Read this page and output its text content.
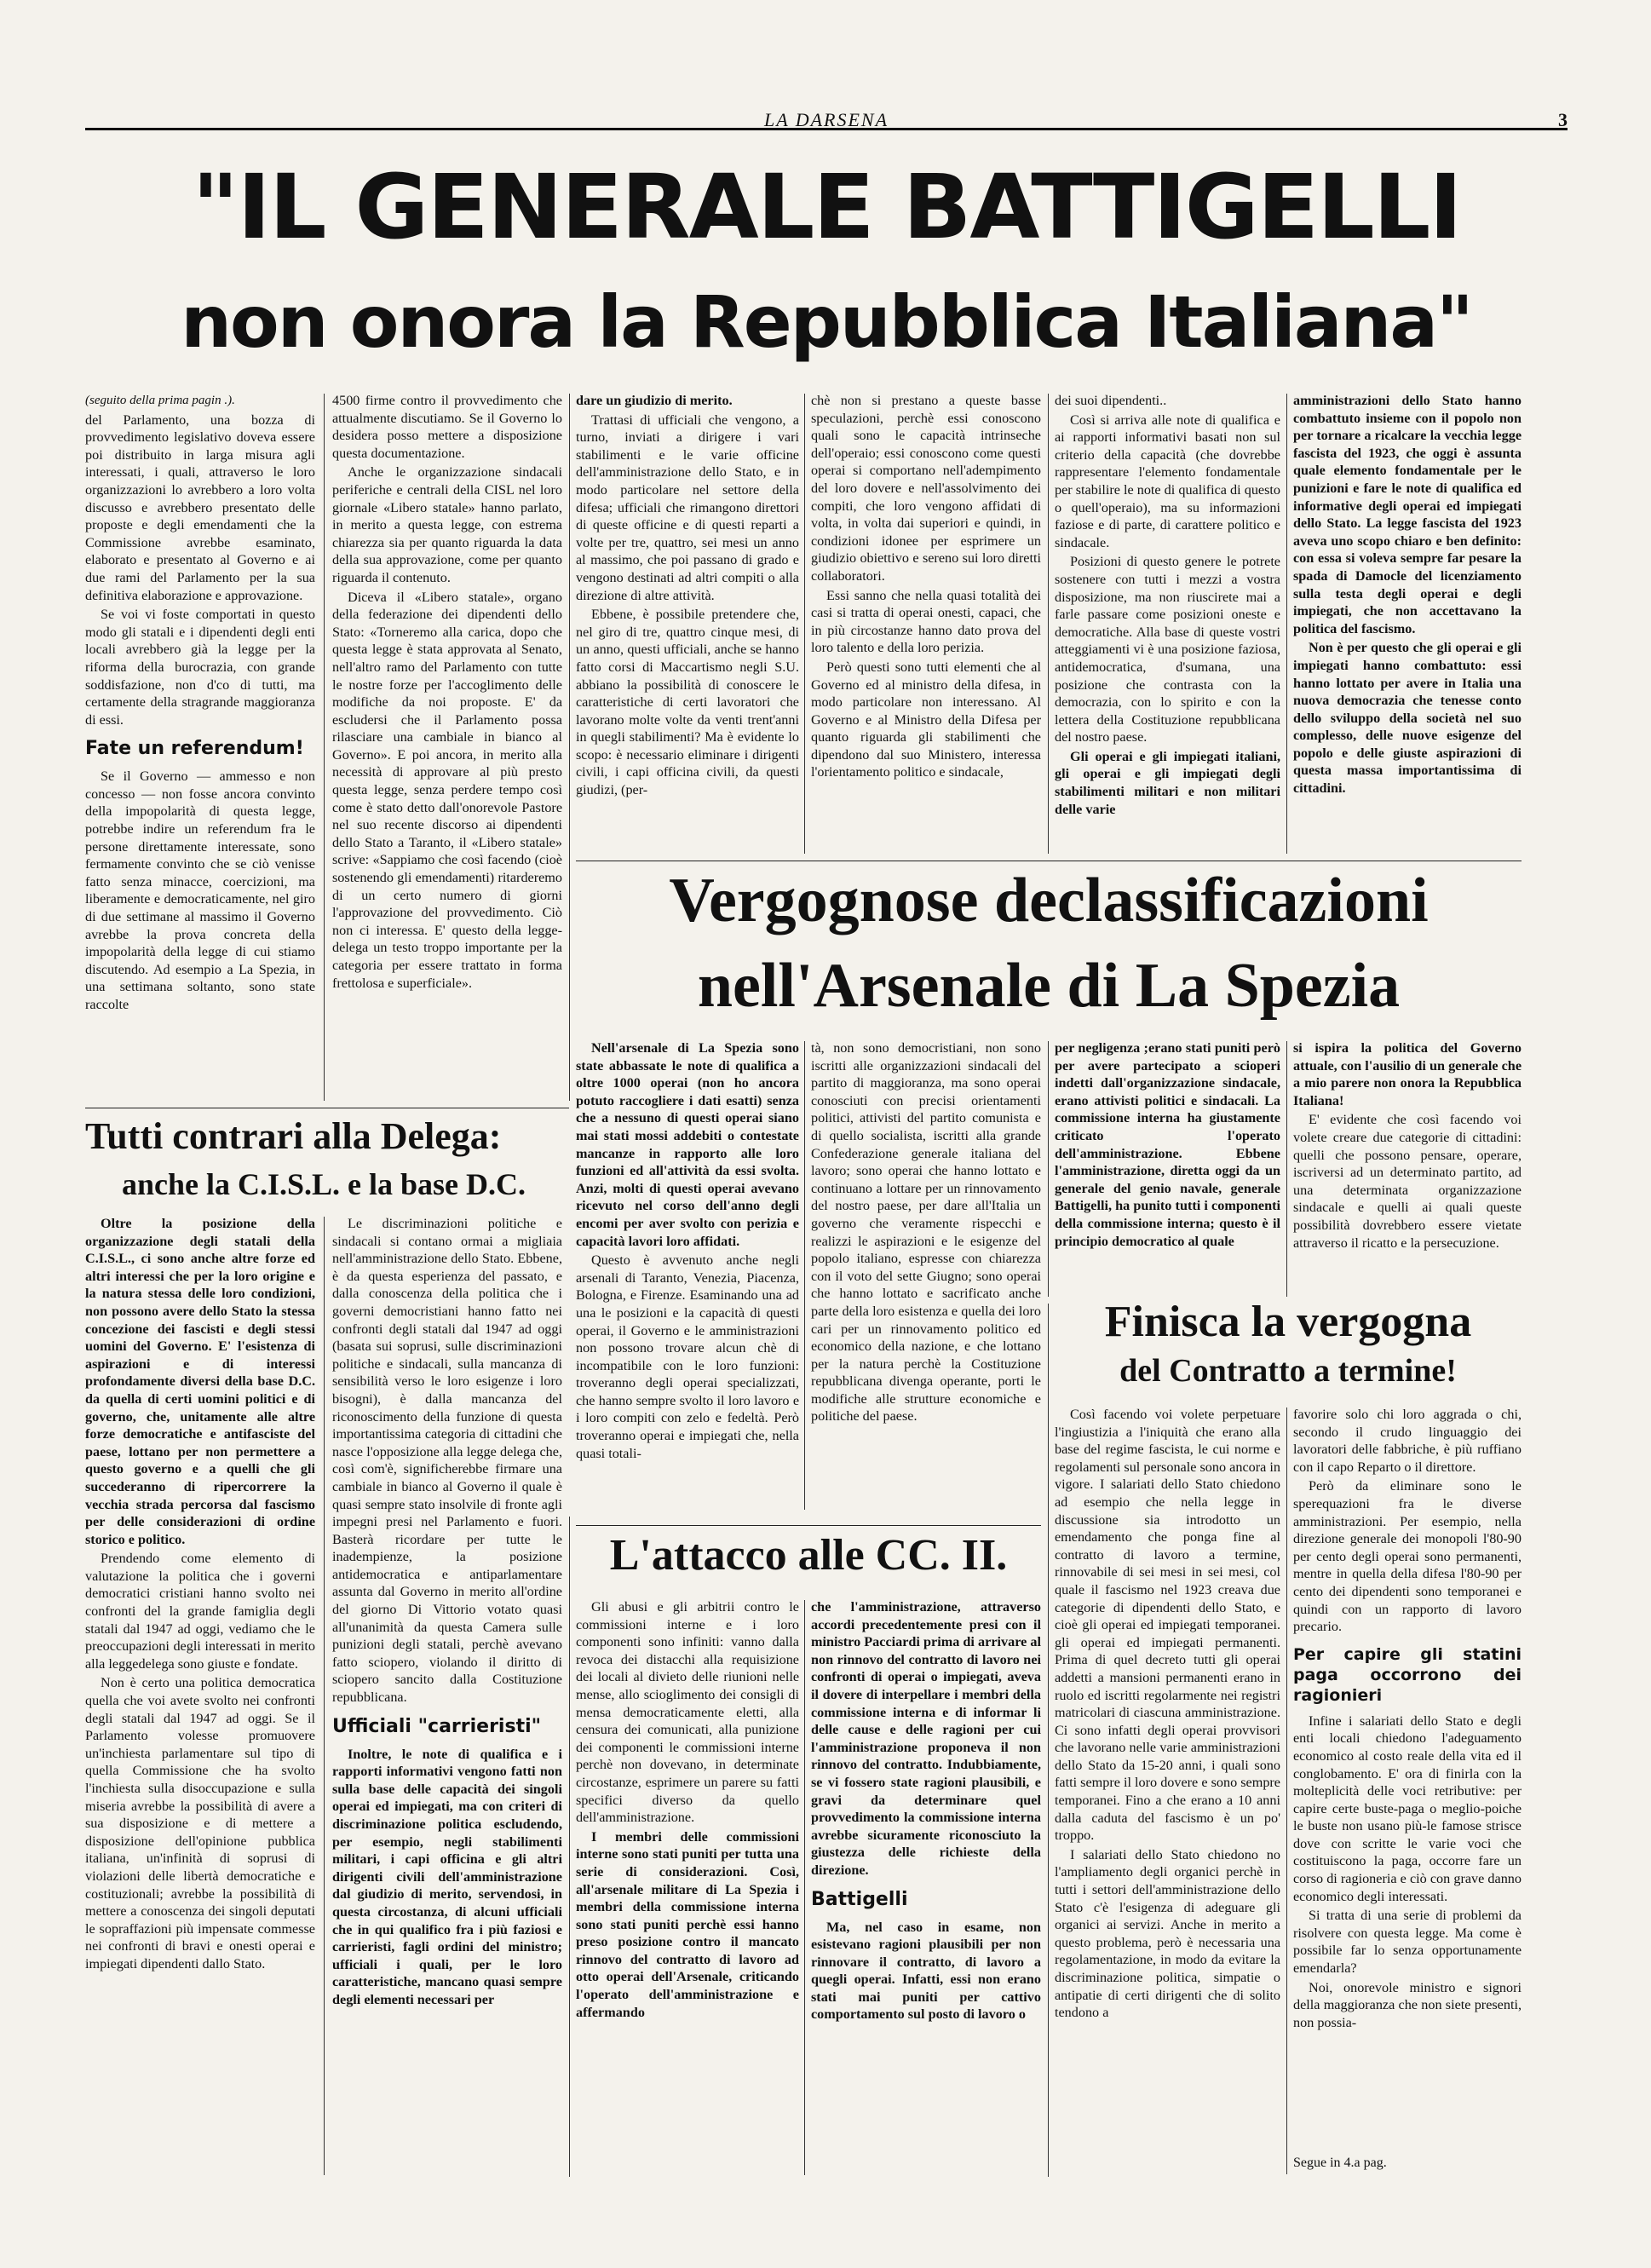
LA DARSENA	3
"IL GENERALE BATTIGELLI
non onora la Repubblica Italiana"

(seguito della prima pagin .).

del Parlamento, una bozza di provvedimento legislativo doveva essere poi distribuito in larga misura agli interessati, i quali, attraverso le loro organizzazioni lo avrebbero a loro volta discusso e avrebbero presentato delle proposte e degli emendamenti che la Commissione avrebbe esaminato, elaborato e presentato al Governo e ai due rami del Parlamento per la sua definitiva elaborazione e approvazione.

Se voi vi foste comportati in questo modo gli statali e i dipendenti degli enti locali avrebbero già la legge per la riforma della burocrazia, con grande soddisfazione, non d'co di tutti, ma certamente della stragrande maggioranza di essi.

Fate un referendum!

Se il Governo — ammesso e non concesso — non fosse ancora convinto della impopolarità di questa legge, potrebbe indire un referendum fra le persone direttamente interessate, sono fermamente convinto che se ciò venisse fatto senza minacce, coercizioni, ma liberamente e democraticamente, nel giro di due settimane al massimo il Governo avrebbe la prova concreta della impopolarità della legge di cui stiamo discutendo. Ad esempio a La Spezia, in una settimana soltanto, sono state raccolte

4500 firme contro il provvedimento che attualmente discutiamo. Se il Governo lo desidera posso mettere a disposizione questa documentazione.

Anche le organizzazione sindacali periferiche e centrali della CISL nel loro giornale «Libero statale» hanno parlato, in merito a questa legge, con estrema chiarezza sia per quanto riguarda la data della sua approvazione, come per quanto riguarda il contenuto.

Diceva il «Libero statale», organo della federazione dei dipendenti dello Stato: «Torneremo alla carica, dopo che questa legge è stata approvata al Senato, nell'altro ramo del Parlamento con tutte le nostre forze per l'accoglimento delle modifiche da noi proposte. E' da escludersi che il Parlamento possa rilasciare una cambiale in bianco al Governo». E poi ancora, in merito alla necessità di approvare al più presto questa legge, senza perdere tempo così come è stato detto dall'onorevole Pastore nel suo recente discorso ai dipendenti dello Stato a Taranto, il «Libero statale» scrive: «Sappiamo che così facendo (cioè sostenendo gli emendamenti) ritarderemo di un certo numero di giorni l'approvazione del provvedimento. Ciò non ci interessa. E' questo della legge-delega un testo troppo importante per la categoria per essere trattato in forma frettolosa e superficiale».

dare un giudizio di merito.

Trattasi di ufficiali che vengono, a turno, inviati a dirigere i vari stabilimenti e le varie officine dell'amministrazione dello Stato, e in modo particolare nel settore della difesa; ufficiali che rimangono direttori di queste officine e di questi reparti a volte per tre, quattro, sei mesi un anno al massimo, che poi passano di grado e vengono destinati ad altri compiti o alla direzione di altre attività.

Ebbene, è possibile pretendere che, nel giro di tre, quattro cinque mesi, di un anno, questi ufficiali, anche se hanno fatto corsi di Maccartismo negli S.U. abbiano la possibilità di conoscere le caratteristiche di certi lavoratori che lavorano molte volte da venti trent'anni in quegli stabilimenti? Ma è evidente lo scopo: è necessario eliminare i dirigenti civili, i capi officina civili, da questi giudizi, (per-

chè non si prestano a queste basse speculazioni, perchè essi conoscono quali sono le capacità intrinseche dell'operaio; essi conoscono come questi operai si comportano nell'adempimento del loro dovere e nell'assolvimento dei compiti, che loro vengono affidati di volta, in volta dai superiori e quindi, in condizioni idonee per esprimere un giudizio obiettivo e sereno sui loro diretti collaboratori.

Essi sanno che nella quasi totalità dei casi si tratta di operai onesti, capaci, che in più circostanze hanno dato prova del loro talento e della loro perizia.

Però questi sono tutti elementi che al Governo ed al ministro della difesa, in modo particolare non interessano. Al Governo e al Ministro della Difesa per quanto riguarda gli stabilimenti che dipendono dal suo Ministero, interessa l'orientamento politico e sindacale,

dei suoi dipendenti..

Così si arriva alle note di qualifica e ai rapporti informativi basati non sul criterio della capacità (che dovrebbe rappresentare l'elemento fondamentale per stabilire le note di qualifica di questo o quell'operaio), ma su informazioni faziose e di parte, di carattere politico e sindacale.

Posizioni di questo genere le potrete sostenere con tutti i mezzi a vostra disposizione, ma non riuscirete mai a farle passare come posizioni oneste e democratiche. Alla base di queste vostri atteggiamenti vi è una posizione faziosa, antidemocratica, d'sumana, una posizione che contrasta con la democrazia, con lo spirito e con la lettera della Costituzione repubblicana del nostro paese.

Gli operai e gli impiegati italiani, gli operai e gli impiegati degli stabilimenti militari e non militari delle varie

amministrazioni dello Stato hanno combattuto insieme con il popolo non per tornare a ricalcare la vecchia legge fascista del 1923, che oggi è assunta quale elemento fondamentale per le punizioni e fare le note di qualifica ed informative degli operai ed impiegati dello Stato. La legge fascista del 1923 aveva uno scopo chiaro e ben definito: con essa si voleva sempre far pesare la spada di Damocle del licenziamento sulla testa degli operai e degli impiegati, che non accettavano la politica del fascismo.

Non è per questo che gli operai e gli impiegati hanno combattuto: essi hanno lottato per avere in Italia una nuova democrazia che tenesse conto dello sviluppo della società nel suo complesso, delle nuove esigenze del popolo e delle giuste aspirazioni di questa massa importantissima di cittadini.

Vergognose declassificazioni
nell'Arsenale di La Spezia

Nell'arsenale di La Spezia sono state abbassate le note di qualifica a oltre 1000 operai (non ho ancora potuto raccogliere i dati esatti) senza che a nessuno di questi operai siano mai stati mossi addebiti o contestate mancanze in rapporto alle loro funzioni ed all'attività da essi svolta. Anzi, molti di questi operai avevano ricevuto nel corso dell'anno degli encomi per aver svolto con perizia e capacità lavori loro affidati.

Questo è avvenuto anche negli arsenali di Taranto, Venezia, Piacenza, Bologna, e Firenze. Esaminando una ad una le posizioni e la capacità di questi operai, il Governo e le amministrazioni non possono trovare alcun chè di incompatibile con le loro funzioni: troveranno degli operai specializzati, che hanno sempre svolto il loro lavoro e i loro compiti con zelo e fedeltà. Però troveranno operai e impiegati che, nella quasi totali-

tà, non sono democristiani, non sono iscritti alle organizzazioni sindacali del partito di maggioranza, ma sono operai conosciuti con precisi orientamenti politici, attivisti del partito comunista e di quello socialista, iscritti alla grande Confederazione generale italiana del lavoro; sono operai che hanno lottato e continuano a lottare per un rinnovamento del nostro paese, per dare all'Italia un governo che veramente rispecchi e realizzi le aspirazioni e le esigenze del popolo italiano, espresse con chiarezza con il voto del sette Giugno; sono operai che hanno lottato e sacrificato anche parte della loro esistenza e quella dei loro cari per un rinnovamento politico ed economico della nazione, e che lottano per la natura perchè la Costituzione repubblicana divenga operante, porti le modifiche alle strutture economiche e politiche del paese.

per negligenza ;erano stati puniti però per avere partecipato a scioperi indetti dall'organizzazione sindacale, erano attivisti politici e sindacali. La commissione interna ha giustamente criticato l'operato dell'amministrazione. Ebbene l'amministrazione, diretta oggi da un generale del genio navale, generale Battigelli, ha punito tutti i componenti della commissione interna; questo è il principio democratico al quale

si ispira la politica del Governo attuale, con l'ausilio di un generale che a mio parere non onora la Repubblica Italiana!

E' evidente che così facendo voi volete creare due categorie di cittadini: quelli che possono pensare, operare, iscriversi ad un determinato partito, ad una determinata organizzazione sindacale e quelli ai quali queste possibilità dovrebbero essere vietate attraverso il ricatto e la persecuzione.

Tutti contrari alla Delega:
anche la C.I.S.L. e la base D.C.

Oltre la posizione della organizzazione degli statali della C.I.S.L., ci sono anche altre forze ed altri interessi che per la loro origine e la natura stessa delle loro condizioni, non possono avere dello Stato la stessa concezione dei fascisti e degli stessi uomini del Governo. E' l'esistenza di aspirazioni e di interessi profondamente diversi della base D.C. da quella di certi uomini politici e di governo, che, unitamente alle altre forze democratiche e antifasciste del paese, lottano per non permettere a questo governo e a quelli che gli succederanno di ripercorrere la vecchia strada percorsa dal fascismo per delle considerazioni di ordine storico e politico.

Prendendo come elemento di valutazione la politica che i governi democratici cristiani hanno svolto nei confronti del la grande famiglia degli statali dal 1947 ad oggi, vediamo che le preoccupazioni degli interessati in merito alla leggedelega sono giuste e fondate.

Non è certo una politica democratica quella che voi avete svolto nei confronti degli statali dal 1947 ad oggi. Se il Parlamento volesse promuovere un'inchiesta parlamentare sul tipo di quella Commissione che ha svolto l'inchiesta sulla disoccupazione e sulla miseria avrebbe la possibilità di avere a sua disposizione e di mettere a disposizione dell'opinione pubblica italiana, un'infinità di soprusi di violazioni delle libertà democratiche e costituzionali; avrebbe la possibilità di mettere a conoscenza dei singoli deputati le sopraffazioni più impensate commesse nei confronti di bravi e onesti operai e impiegati dipendenti dallo Stato.

Le discriminazioni politiche e sindacali si contano ormai a migliaia nell'amministrazione dello Stato. Ebbene, è da questa esperienza del passato, e dalla conoscenza della politica che i governi democristiani hanno fatto nei confronti degli statali dal 1947 ad oggi (basata sui soprusi, sulle discriminazioni politiche e sindacali, sulla mancanza di sensibilità verso le loro esigenze i loro bisogni), è dalla mancanza del riconoscimento della funzione di questa importantissima categoria di cittadini che nasce l'opposizione alla legge delega che, così com'è, significherebbe firmare una cambiale in bianco al Governo il quale è quasi sempre stato insolvile di fronte agli impegni presi nel Parlamento e fuori. Basterà ricordare per tutte le inadempienze, la posizione antidemocratica e antiparlamentare assunta dal Governo in merito all'ordine del giorno Di Vittorio votato quasi all'unanimità da questa Camera sulle punizioni degli statali, perchè avevano fatto sciopero, violando il diritto di sciopero sancito dalla Costituzione repubblicana.

Ufficiali "carrieristi"

Inoltre, le note di qualifica e i rapporti informativi vengono fatti non sulla base delle capacità dei singoli operai ed impiegati, ma con criteri di discriminazione politica escludendo, per esempio, negli stabilimenti militari, i capi officina e gli altri dirigenti civili dell'amministrazione dal giudizio di merito, servendosi, in questa circostanza, di alcuni ufficiali che in qui qualifico fra i più faziosi e carrieristi, fagli ordini del ministro; ufficiali i quali, per le loro caratteristiche, mancano quasi sempre degli elementi necessari per

L'attacco alle CC. II.

Gli abusi e gli arbitrii contro le commissioni interne e i loro componenti sono infiniti: vanno dalla revoca dei distacchi alla requisizione dei locali al divieto delle riunioni nelle mense, allo scioglimento dei consigli di mensa democraticamente eletti, alla censura dei comunicati, alla punizione dei componenti le commissioni interne perchè non dovevano, in determinate circostanze, esprimere un parere su fatti specifici diverso da quello dell'amministrazione.

I membri delle commissioni interne sono stati puniti per tutta una serie di considerazioni. Così, all'arsenale militare di La Spezia i membri della commissione interna sono stati puniti perchè essi hanno preso posizione contro il mancato rinnovo del contratto di lavoro ad otto operai dell'Arsenale, criticando l'operato dell'amministrazione e affermando

che l'amministrazione, attraverso accordi precedentemente presi con il ministro Pacciardi prima di arrivare al non rinnovo del contratto di lavoro nei confronti di operai o impiegati, aveva il dovere di interpellare i membri della commissione interna e di informar li delle cause e delle ragioni per cui l'amministrazione proponeva il non rinnovo del contratto. Indubbiamente, se vi fossero state ragioni plausibili, e gravi da determinare quel provvedimento la commissione interna avrebbe sicuramente riconosciuto la giustezza delle richieste della direzione.

Battigelli

Ma, nel caso in esame, non esistevano ragioni plausibili per non rinnovare il contratto, di lavoro a quegli operai. Infatti, essi non erano stati mai puniti per cattivo comportamento sul posto di lavoro o

Finisca la vergogna
del Contratto a termine!

Così facendo voi volete perpetuare l'ingiustizia a l'iniquità che erano alla base del regime fascista, le cui norme e regolamenti sul personale sono ancora in vigore. I salariati dello Stato chiedono ad esempio che nella legge in discussione sia introdotto un emendamento che ponga fine al contratto di lavoro a termine, rinnovabile di sei mesi in sei mesi, col quale il fascismo nel 1923 creava due categorie di dipendenti dello Stato, e cioè gli operai ed impiegati temporanei. gli operai ed impiegati permanenti. Prima di quel decreto tutti gli operai addetti a mansioni permanenti erano in ruolo ed iscritti regolarmente nei registri matricolari di ciascuna amministrazione. Ci sono infatti degli operai provvisori che lavorano nelle varie amministrazioni dello Stato da 15-20 anni, i quali sono fatti sempre il loro dovere e sono sempre temporanei. Fino a che erano a 10 anni dalla caduta del fascismo è un po' troppo.

I salariati dello Stato chiedono no l'ampliamento degli organici perchè in tutti i settori dell'amministrazione dello Stato c'è l'esigenza di adeguare gli organici ai servizi. Anche in merito a questo problema, però è necessaria una regolamentazione, in modo da evitare la discriminazione politica, simpatie o antipatie di certi dirigenti che di solito tendono a

favorire solo chi loro aggrada o chi, secondo il crudo linguaggio dei lavoratori delle fabbriche, è più ruffiano con il capo Reparto o il direttore.

Però da eliminare sono le sperequazioni fra le diverse amministrazioni. Per esempio, nella direzione generale dei monopoli l'80-90 per cento degli operai sono permanenti, mentre in quella della difesa l'80-90 per cento dei dipendenti sono temporanei e quindi con un rapporto di lavoro precario.

Per capire gli statini paga occorrono dei ragionieri

Infine i salariati dello Stato e degli enti locali chiedono l'adeguamento economico al costo reale della vita ed il conglobamento. E' ora di finirla con la molteplicità delle voci retributive: per capire certe buste-paga o meglio-poiche le buste non usano più-le famose strisce dove con scritte le varie voci che costituiscono la paga, occorre fare un corso di ragioneria e ciò con grave danno economico degli interessati.

Si tratta di una serie di problemi da risolvere con questa legge. Ma come è possibile far lo senza opportunamente emendarla?

Noi, onorevole ministro e signori della maggioranza che non siete presenti, non possia-

Segue in 4.a pag.
